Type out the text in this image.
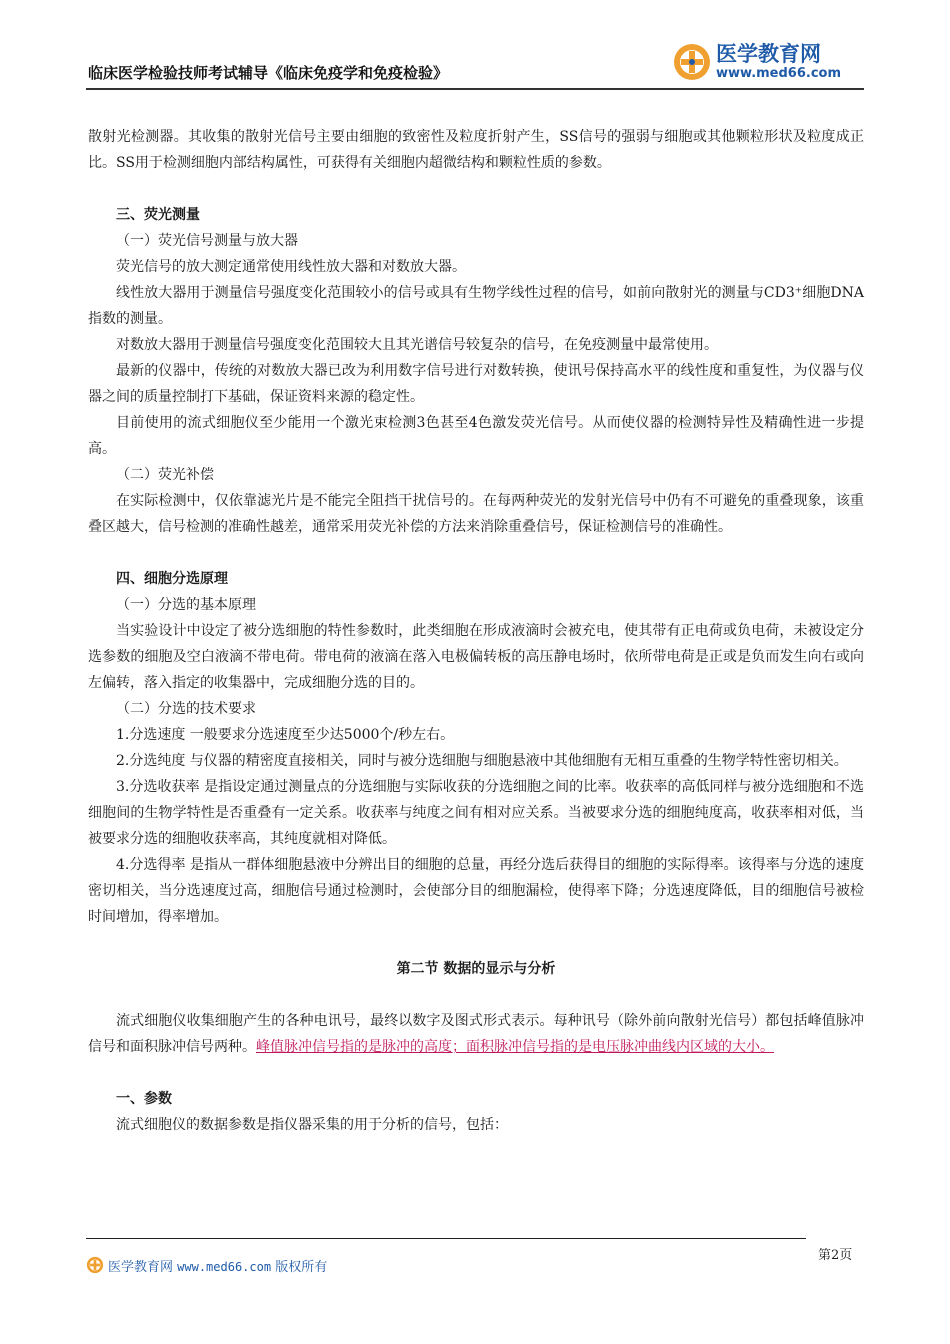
临床医学检验技师考试辅导《临床免疫学和免疫检验》
医学教育网
www.med66.com

散射光检测器。其收集的散射光信号主要由细胞的致密性及粒度折射产生，SS信号的强弱与细胞或其他颗粒形状及粒度成正比。SS用于检测细胞内部结构属性，可获得有关细胞内超微结构和颗粒性质的参数。

三、荧光测量

（一）荧光信号测量与放大器

荧光信号的放大测定通常使用线性放大器和对数放大器。

线性放大器用于测量信号强度变化范围较小的信号或具有生物学线性过程的信号，如前向散射光的测量与CD3⁺细胞DNA指数的测量。

对数放大器用于测量信号强度变化范围较大且其光谱信号较复杂的信号，在免疫测量中最常使用。

最新的仪器中，传统的对数放大器已改为利用数字信号进行对数转换，使讯号保持高水平的线性度和重复性，为仪器与仪器之间的质量控制打下基础，保证资料来源的稳定性。

目前使用的流式细胞仪至少能用一个激光束检测3色甚至4色激发荧光信号。从而使仪器的检测特异性及精确性进一步提高。

（二）荧光补偿

在实际检测中，仅依靠滤光片是不能完全阻挡干扰信号的。在每两种荧光的发射光信号中仍有不可避免的重叠现象，该重叠区越大，信号检测的准确性越差，通常采用荧光补偿的方法来消除重叠信号，保证检测信号的准确性。

四、细胞分选原理

（一）分选的基本原理

当实验设计中设定了被分选细胞的特性参数时，此类细胞在形成液滴时会被充电，使其带有正电荷或负电荷，未被设定分选参数的细胞及空白液滴不带电荷。带电荷的液滴在落入电极偏转板的高压静电场时，依所带电荷是正或是负而发生向右或向左偏转，落入指定的收集器中，完成细胞分选的目的。

（二）分选的技术要求

1.分选速度 一般要求分选速度至少达5000个/秒左右。

2.分选纯度 与仪器的精密度直接相关，同时与被分选细胞与细胞悬液中其他细胞有无相互重叠的生物学特性密切相关。

3.分选收获率 是指设定通过测量点的分选细胞与实际收获的分选细胞之间的比率。收获率的高低同样与被分选细胞和不选细胞间的生物学特性是否重叠有一定关系。收获率与纯度之间有相对应关系。当被要求分选的细胞纯度高，收获率相对低，当被要求分选的细胞收获率高，其纯度就相对降低。

4.分选得率 是指从一群体细胞悬液中分辨出目的细胞的总量，再经分选后获得目的细胞的实际得率。该得率与分选的速度密切相关，当分选速度过高，细胞信号通过检测时，会使部分目的细胞漏检，使得率下降；分选速度降低，目的细胞信号被检时间增加，得率增加。

第二节 数据的显示与分析

流式细胞仪收集细胞产生的各种电讯号，最终以数字及图式形式表示。每种讯号（除外前向散射光信号）都包括峰值脉冲信号和面积脉冲信号两种。峰值脉冲信号指的是脉冲的高度；面积脉冲信号指的是电压脉冲曲线内区域的大小。

一、参数

流式细胞仪的数据参数是指仪器采集的用于分析的信号，包括：

第2页
医学教育网 www.med66.com 版权所有
